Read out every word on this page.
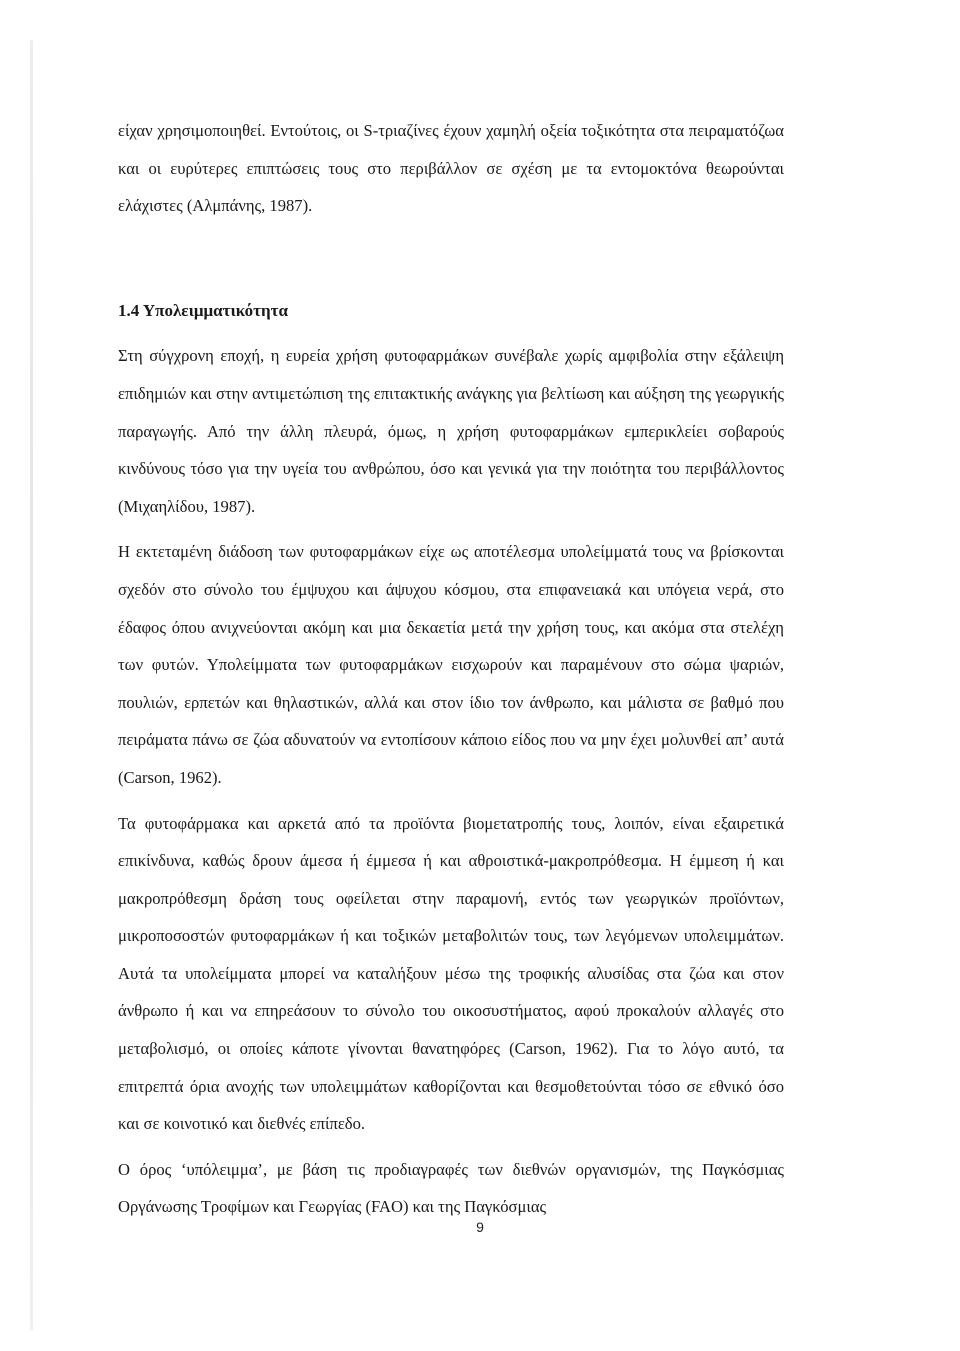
είχαν χρησιμοποιηθεί. Εντούτοις, οι S-τριαζίνες έχουν χαμηλή οξεία τοξικότητα στα πειραματόζωα και οι ευρύτερες επιπτώσεις τους στο περιβάλλον σε σχέση με τα εντομοκτόνα θεωρούνται ελάχιστες (Αλμπάνης, 1987).

1.4 Υπολειμματικότητα

Στη σύγχρονη εποχή, η ευρεία χρήση φυτοφαρμάκων συνέβαλε χωρίς αμφιβολία στην εξάλειψη επιδημιών και στην αντιμετώπιση της επιτακτικής ανάγκης για βελτίωση και αύξηση της γεωργικής παραγωγής. Από την άλλη πλευρά, όμως, η χρήση φυτοφαρμάκων εμπερικλείει σοβαρούς κινδύνους τόσο για την υγεία του ανθρώπου, όσο και γενικά για την ποιότητα του περιβάλλοντος (Μιχαηλίδου, 1987).

Η εκτεταμένη διάδοση των φυτοφαρμάκων είχε ως αποτέλεσμα υπολείμματά τους να βρίσκονται σχεδόν στο σύνολο του έμψυχου και άψυχου κόσμου, στα επιφανειακά και υπόγεια νερά, στο έδαφος όπου ανιχνεύονται ακόμη και μια δεκαετία μετά την χρήση τους, και ακόμα στα στελέχη των φυτών. Υπολείμματα των φυτοφαρμάκων εισχωρούν και παραμένουν στο σώμα ψαριών, πουλιών, ερπετών και θηλαστικών, αλλά και στον ίδιο τον άνθρωπο, και μάλιστα σε βαθμό που πειράματα πάνω σε ζώα αδυνατούν να εντοπίσουν κάποιο είδος που να μην έχει μολυνθεί απ’ αυτά (Carson, 1962).

Τα φυτοφάρμακα και αρκετά από τα προϊόντα βιομετατροπής τους, λοιπόν, είναι εξαιρετικά επικίνδυνα, καθώς δρουν άμεσα ή έμμεσα ή και αθροιστικά-μακροπρόθεσμα. Η έμμεση ή και μακροπρόθεσμη δράση τους οφείλεται στην παραμονή, εντός των γεωργικών προϊόντων, μικροποσοστών φυτοφαρμάκων ή και τοξικών μεταβολιτών τους, των λεγόμενων υπολειμμάτων. Αυτά τα υπολείμματα μπορεί να καταλήξουν μέσω της τροφικής αλυσίδας στα ζώα και στον άνθρωπο ή και να επηρεάσουν το σύνολο του οικοσυστήματος, αφού προκαλούν αλλαγές στο μεταβολισμό, οι οποίες κάποτε γίνονται θανατηφόρες (Carson, 1962). Για το λόγο αυτό, τα επιτρεπτά όρια ανοχής των υπολειμμάτων καθορίζονται και θεσμοθετούνται τόσο σε εθνικό όσο και σε κοινοτικό και διεθνές επίπεδο.

Ο όρος ‘υπόλειμμα’, με βάση τις προδιαγραφές των διεθνών οργανισμών, της Παγκόσμιας Οργάνωσης Τροφίμων και Γεωργίας (FAO) και της Παγκόσμιας

9
